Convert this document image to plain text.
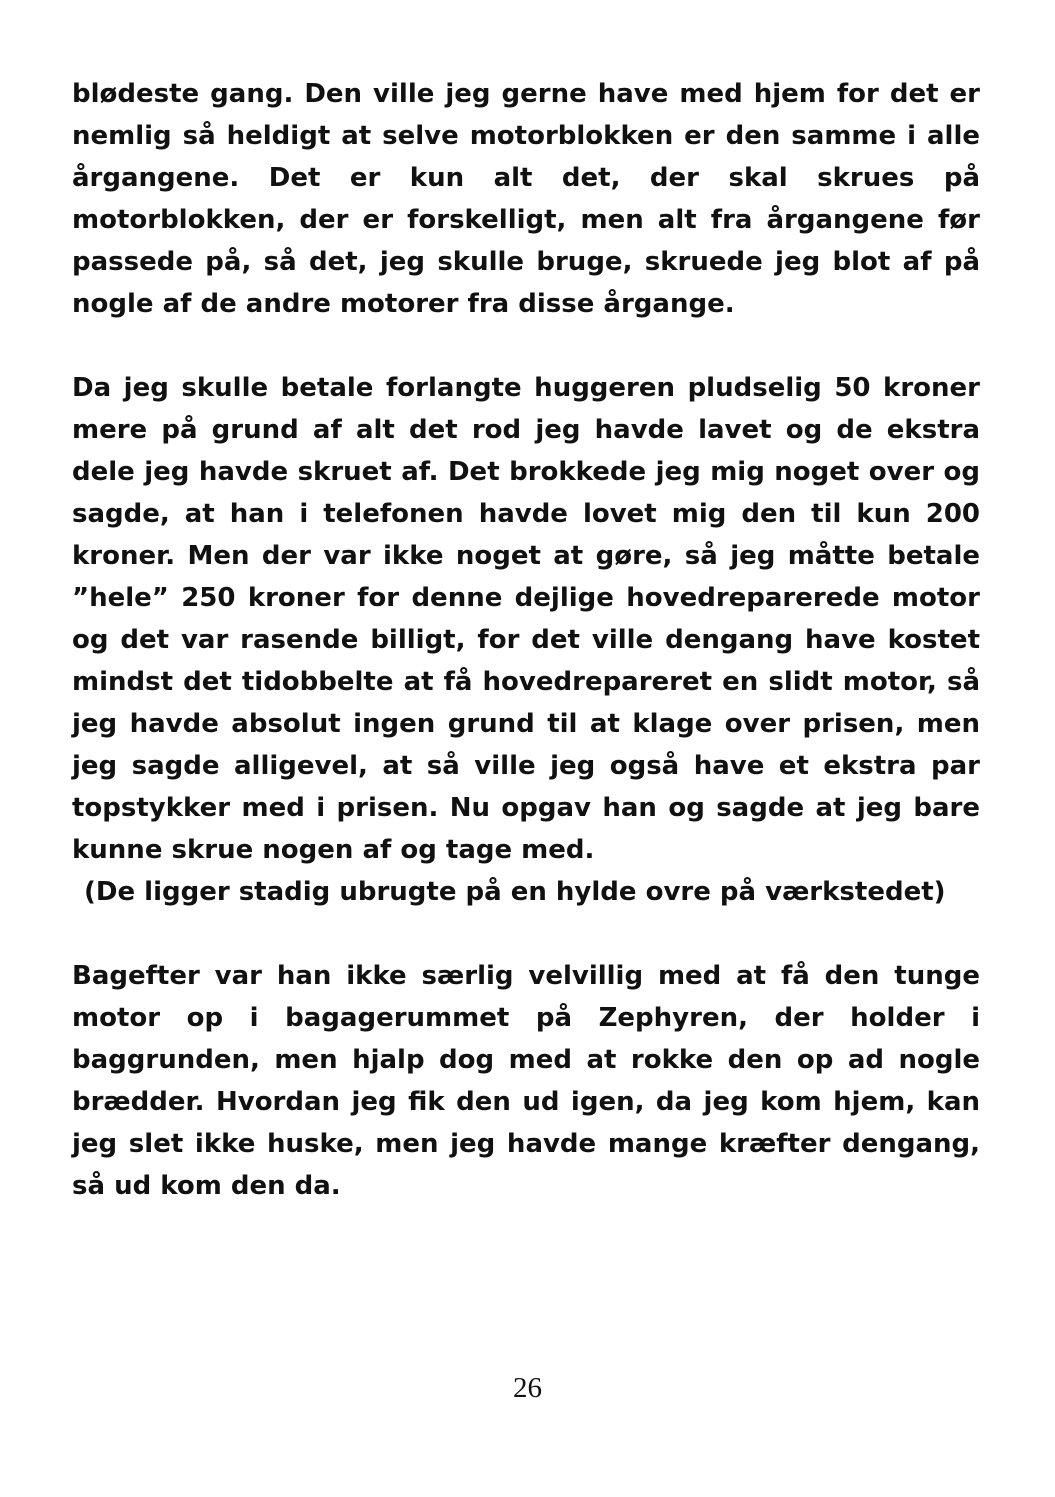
blødeste gang. Den ville jeg gerne have med hjem for det er nemlig så heldigt at selve motorblokken er den samme i alle årgangene. Det er kun alt det, der skal skrues på motorblokken, der er forskelligt, men alt fra årgangene før passede på, så det, jeg skulle bruge, skruede jeg blot af på nogle af de andre motorer fra disse årgange.

Da jeg skulle betale forlangte huggeren pludselig 50 kroner mere på grund af alt det rod jeg havde lavet og de ekstra dele jeg havde skruet af. Det brokkede jeg mig noget over og sagde, at han i telefonen havde lovet mig den til kun 200 kroner. Men der var ikke noget at gøre, så jeg måtte betale ”hele” 250 kroner for denne dejlige hovedreparerede motor og det var rasende billigt, for det ville dengang have kostet mindst det tidobbelte at få hovedrepareret en slidt motor, så jeg havde absolut ingen grund til at klage over prisen, men jeg sagde alligevel, at så ville jeg også have et ekstra par topstykker med i prisen. Nu opgav han og sagde at jeg bare kunne skrue nogen af og tage med.

(De ligger stadig ubrugte på en hylde ovre på værkstedet)

Bagefter var han ikke særlig velvillig med at få den tunge motor op i bagagerummet på Zephyren, der holder i baggrunden, men hjalp dog med at rokke den op ad nogle brædder. Hvordan jeg fik den ud igen, da jeg kom hjem, kan jeg slet ikke huske, men jeg havde mange kræfter dengang, så ud kom den da.

26
